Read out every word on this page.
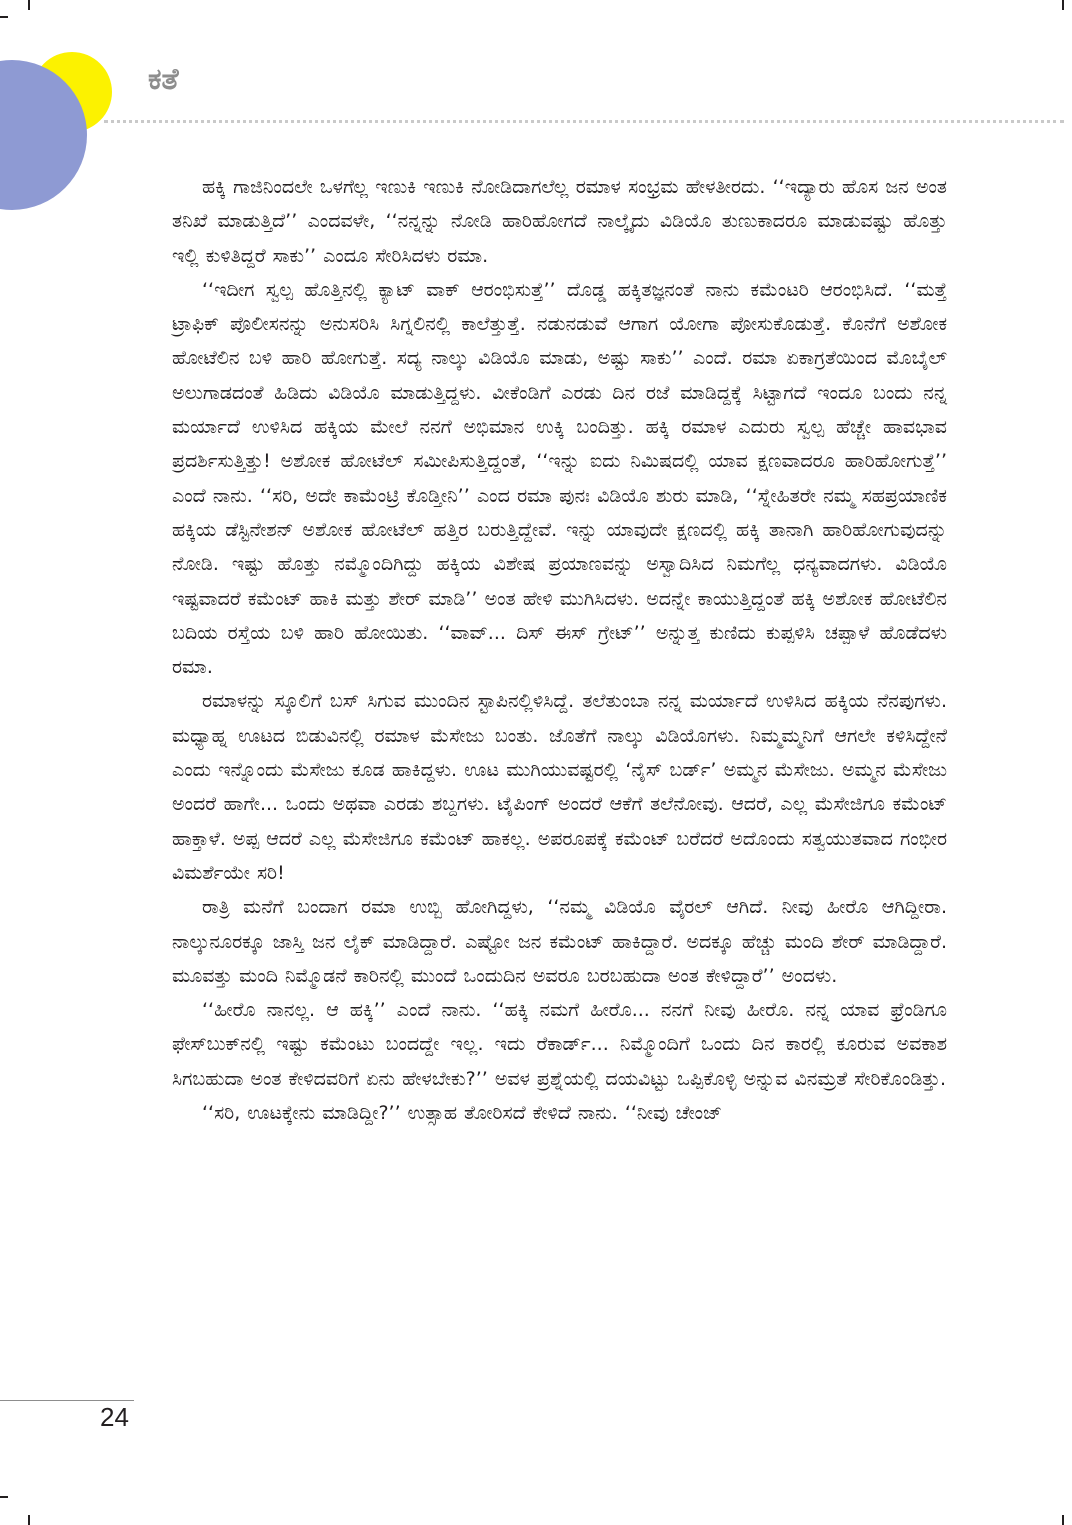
ಕತೆ

ಹಕ್ಕಿ ಗಾಜಿನಿಂದಲೇ ಒಳಗೆಲ್ಲ ಇಣುಕಿ ಇಣುಕಿ ನೋಡಿದಾಗಲೆಲ್ಲ ರಮಾಳ ಸಂಭ್ರಮ ಹೇಳತೀರದು. ‘‘ಇದ್ಯಾರು ಹೊಸ ಜನ ಅಂತ ತನಿಖೆ ಮಾಡುತ್ತಿದೆ’’ ಎಂದವಳೇ, ‘‘ನನ್ನನ್ನು ನೋಡಿ ಹಾರಿಹೋಗದೆ ನಾಲ್ಕೈದು ವಿಡಿಯೊ ತುಣುಕಾದರೂ ಮಾಡುವಷ್ಟು ಹೊತ್ತು ಇಲ್ಲಿ ಕುಳಿತಿದ್ದರೆ ಸಾಕು’’ ಎಂದೂ ಸೇರಿಸಿದಳು ರಮಾ.

‘‘ಇದೀಗ ಸ್ವಲ್ಪ ಹೊತ್ತಿನಲ್ಲಿ ಕ್ಯಾಟ್ ವಾಕ್ ಆರಂಭಿಸುತ್ತೆ’’ ದೊಡ್ಡ ಹಕ್ಕಿತಜ್ಞನಂತೆ ನಾನು ಕಮೆಂಟರಿ ಆರಂಭಿಸಿದೆ. ‘‘ಮತ್ತೆ ಟ್ರಾಫಿಕ್ ಪೊಲೀಸನನ್ನು ಅನುಸರಿಸಿ ಸಿಗ್ನಲಿನಲ್ಲಿ ಕಾಲೆತ್ತುತ್ತೆ. ನಡುನಡುವೆ ಆಗಾಗ ಯೋಗಾ ಪೋಸುಕೊಡುತ್ತೆ. ಕೊನೆಗೆ ಅಶೋಕ ಹೋಟೆಲಿನ ಬಳಿ ಹಾರಿ ಹೋಗುತ್ತೆ. ಸದ್ಯ ನಾಲ್ಕು ವಿಡಿಯೊ ಮಾಡು, ಅಷ್ಟು ಸಾಕು’’ ಎಂದೆ. ರಮಾ ಏಕಾಗ್ರತೆಯಿಂದ ಮೊಬೈಲ್ ಅಲುಗಾಡದಂತೆ ಹಿಡಿದು ವಿಡಿಯೊ ಮಾಡುತ್ತಿದ್ದಳು. ವೀಕೆಂಡಿಗೆ ಎರಡು ದಿನ ರಜೆ ಮಾಡಿದ್ದಕ್ಕೆ ಸಿಟ್ಟಾಗದೆ ಇಂದೂ ಬಂದು ನನ್ನ ಮರ್ಯಾದೆ ಉಳಿಸಿದ ಹಕ್ಕಿಯ ಮೇಲೆ ನನಗೆ ಅಭಿಮಾನ ಉಕ್ಕಿ ಬಂದಿತ್ತು. ಹಕ್ಕಿ ರಮಾಳ ಎದುರು ಸ್ವಲ್ಪ ಹೆಚ್ಚೇ ಹಾವಭಾವ ಪ್ರದರ್ಶಿಸುತ್ತಿತ್ತು! ಅಶೋಕ ಹೋಟೆಲ್ ಸಮೀಪಿಸುತ್ತಿದ್ದಂತೆ, ‘‘ಇನ್ನು ಐದು ನಿಮಿಷದಲ್ಲಿ ಯಾವ ಕ್ಷಣವಾದರೂ ಹಾರಿಹೋಗುತ್ತೆ’’ ಎಂದೆ ನಾನು. ‘‘ಸರಿ, ಅದೇ ಕಾಮೆಂಟ್ರಿ ಕೊಡ್ತೀನಿ’’ ಎಂದ ರಮಾ ಪುನಃ ವಿಡಿಯೊ ಶುರು ಮಾಡಿ, ‘‘ಸ್ನೇಹಿತರೇ ನಮ್ಮ ಸಹಪ್ರಯಾಣಿಕ ಹಕ್ಕಿಯ ಡೆಸ್ಟಿನೇಶನ್ ಅಶೋಕ ಹೋಟೆಲ್ ಹತ್ತಿರ ಬರುತ್ತಿದ್ದೇವೆ. ಇನ್ನು ಯಾವುದೇ ಕ್ಷಣದಲ್ಲಿ ಹಕ್ಕಿ ತಾನಾಗಿ ಹಾರಿಹೋಗುವುದನ್ನು ನೋಡಿ. ಇಷ್ಟು ಹೊತ್ತು ನಮ್ಮೊಂದಿಗಿದ್ದು ಹಕ್ಕಿಯ ವಿಶೇಷ ಪ್ರಯಾಣವನ್ನು ಅಸ್ವಾದಿಸಿದ ನಿಮಗೆಲ್ಲ ಧನ್ಯವಾದಗಳು. ವಿಡಿಯೊ ಇಷ್ಟವಾದರೆ ಕಮೆಂಟ್ ಹಾಕಿ ಮತ್ತು ಶೇರ್ ಮಾಡಿ’’ ಅಂತ ಹೇಳಿ ಮುಗಿಸಿದಳು. ಅದನ್ನೇ ಕಾಯುತ್ತಿದ್ದಂತೆ ಹಕ್ಕಿ ಅಶೋಕ ಹೋಟೆಲಿನ ಬದಿಯ ರಸ್ತೆಯ ಬಳಿ ಹಾರಿ ಹೋಯಿತು. ‘‘ವಾವ್... ದಿಸ್ ಈಸ್ ಗ್ರೇಟ್’’ ಅನ್ನುತ್ತ ಕುಣಿದು ಕುಪ್ಪಳಿಸಿ ಚಪ್ಪಾಳೆ ಹೊಡೆದಳು ರಮಾ.

ರಮಾಳನ್ನು ಸ್ಕೂಲಿಗೆ ಬಸ್ ಸಿಗುವ ಮುಂದಿನ ಸ್ಟಾಪಿನಲ್ಲಿಳಿಸಿದ್ದೆ. ತಲೆತುಂಬಾ ನನ್ನ ಮರ್ಯಾದೆ ಉಳಿಸಿದ ಹಕ್ಕಿಯ ನೆನಪುಗಳು. ಮಧ್ಯಾಹ್ನ ಊಟದ ಬಿಡುವಿನಲ್ಲಿ ರಮಾಳ ಮೆಸೇಜು ಬಂತು. ಜೊತೆಗೆ ನಾಲ್ಕು ವಿಡಿಯೊಗಳು. ನಿಮ್ಮಮ್ಮನಿಗೆ ಆಗಲೇ ಕಳಿಸಿದ್ದೇನೆ ಎಂದು ಇನ್ನೊಂದು ಮೆಸೇಜು ಕೂಡ ಹಾಕಿದ್ದಳು. ಊಟ ಮುಗಿಯುವಷ್ಟರಲ್ಲಿ ‘ನೈಸ್ ಬರ್ಡ್’ ಅಮ್ಮನ ಮೆಸೇಜು. ಅಮ್ಮನ ಮೆಸೇಜು ಅಂದರೆ ಹಾಗೇ... ಒಂದು ಅಥವಾ ಎರಡು ಶಬ್ದಗಳು. ಟೈಪಿಂಗ್ ಅಂದರೆ ಆಕೆಗೆ ತಲೆನೋವು. ಆದರೆ, ಎಲ್ಲ ಮೆಸೇಜಿಗೂ ಕಮೆಂಟ್ ಹಾಕ್ತಾಳೆ. ಅಪ್ಪ ಆದರೆ ಎಲ್ಲ ಮೆಸೇಜಿಗೂ ಕಮೆಂಟ್ ಹಾಕಲ್ಲ. ಅಪರೂಪಕ್ಕೆ ಕಮೆಂಟ್ ಬರೆದರೆ ಅದೊಂದು ಸತ್ವಯುತವಾದ ಗಂಭೀರ ವಿಮರ್ಶೆಯೇ ಸರಿ!

ರಾತ್ರಿ ಮನೆಗೆ ಬಂದಾಗ ರಮಾ ಉಬ್ಬಿ ಹೋಗಿದ್ದಳು, ‘‘ನಮ್ಮ ವಿಡಿಯೊ ವೈರಲ್ ಆಗಿದೆ. ನೀವು ಹೀರೊ ಆಗಿದ್ದೀರಾ. ನಾಲ್ಕುನೂರಕ್ಕೂ ಜಾಸ್ತಿ ಜನ ಲೈಕ್ ಮಾಡಿದ್ದಾರೆ. ಎಷ್ಟೋ ಜನ ಕಮೆಂಟ್ ಹಾಕಿದ್ದಾರೆ. ಅದಕ್ಕೂ ಹೆಚ್ಚು ಮಂದಿ ಶೇರ್ ಮಾಡಿದ್ದಾರೆ. ಮೂವತ್ತು ಮಂದಿ ನಿಮ್ಮೊಡನೆ ಕಾರಿನಲ್ಲಿ ಮುಂದೆ ಒಂದುದಿನ ಅವರೂ ಬರಬಹುದಾ ಅಂತ ಕೇಳಿದ್ದಾರೆ’’ ಅಂದಳು.

‘‘ಹೀರೊ ನಾನಲ್ಲ. ಆ ಹಕ್ಕಿ’’ ಎಂದೆ ನಾನು. ‘‘ಹಕ್ಕಿ ನಮಗೆ ಹೀರೊ... ನನಗೆ ನೀವು ಹೀರೊ. ನನ್ನ ಯಾವ ಫ್ರೆಂಡಿಗೂ ಫೇಸ್‌ಬುಕ್‌ನಲ್ಲಿ ಇಷ್ಟು ಕಮೆಂಟು ಬಂದದ್ದೇ ಇಲ್ಲ. ಇದು ರೆಕಾರ್ಡ್... ನಿಮ್ಮೊಂದಿಗೆ ಒಂದು ದಿನ ಕಾರಲ್ಲಿ ಕೂರುವ ಅವಕಾಶ ಸಿಗಬಹುದಾ ಅಂತ ಕೇಳಿದವರಿಗೆ ಏನು ಹೇಳಬೇಕು?’’ ಅವಳ ಪ್ರಶ್ನೆಯಲ್ಲಿ ದಯವಿಟ್ಟು ಒಪ್ಪಿಕೊಳ್ಳಿ ಅನ್ನುವ ವಿನಮ್ರತೆ ಸೇರಿಕೊಂಡಿತ್ತು.

‘‘ಸರಿ, ಊಟಕ್ಕೇನು ಮಾಡಿದ್ದೀ?’’ ಉತ್ಸಾಹ ತೋರಿಸದೆ ಕೇಳಿದೆ ನಾನು. ‘‘ನೀವು ಚೇಂಜ್

24
